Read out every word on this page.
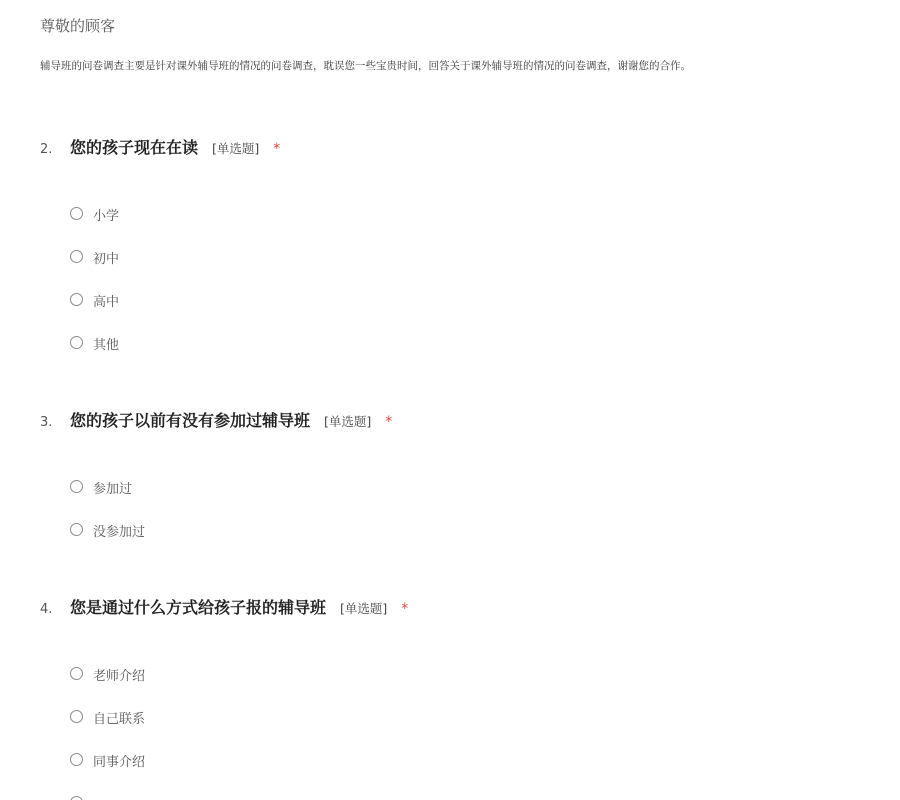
尊敬的顾客
辅导班的问卷调查主要是针对课外辅导班的情况的问卷调查，耽误您一些宝贵时间，回答关于课外辅导班的情况的问卷调查，谢谢您的合作。
2.	您的孩子现在在读 [单选题] *
小学
初中
高中
其他
3.	您的孩子以前有没有参加过辅导班 [单选题] *
参加过
没参加过
4.	您是通过什么方式给孩子报的辅导班 [单选题] *
老师介绍
自己联系
同事介绍
